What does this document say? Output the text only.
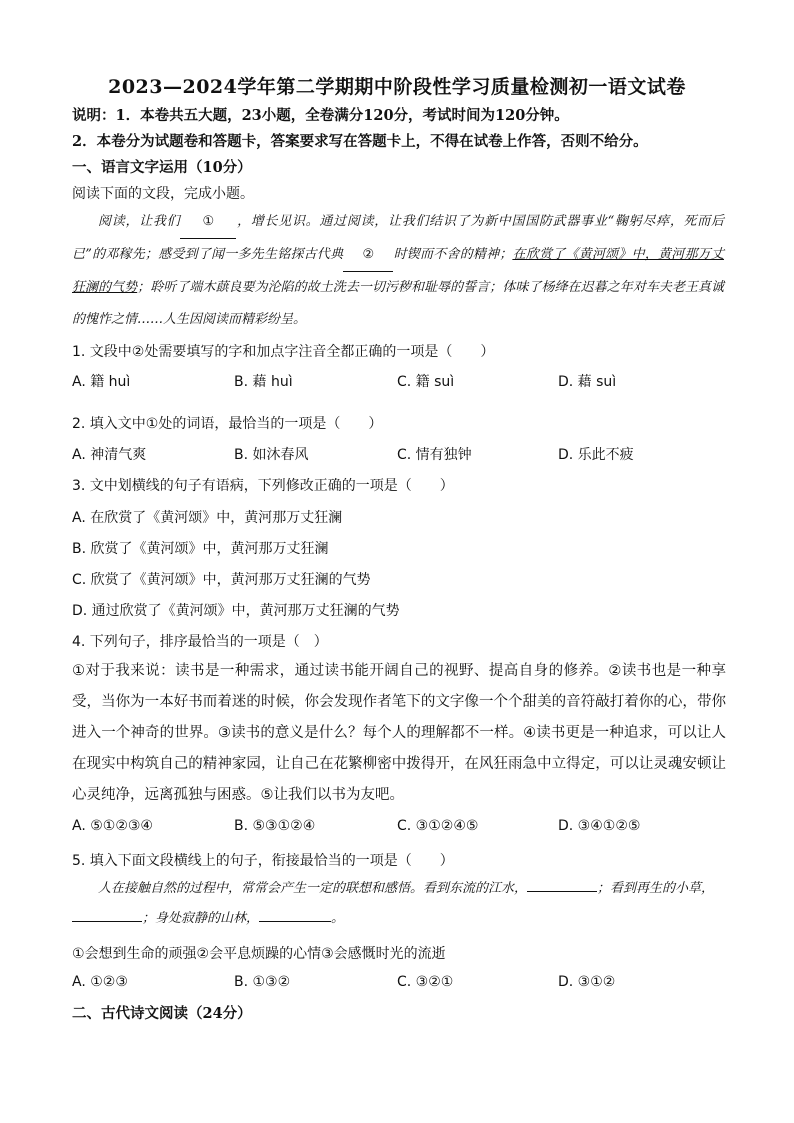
2023—2024学年第二学期期中阶段性学习质量检测初一语文试卷
说明：1．本卷共五大题，23小题，全卷满分120分，考试时间为120分钟。
2．本卷分为试题卷和答题卡，答案要求写在答题卡上，不得在试卷上作答，否则不给分。
一、语言文字运用（10分）
阅读下面的文段，完成小题。
阅读，让我们 ① ，增长见识。通过阅读，让我们结识了为新中国国防武器事业“鞠躬尽瘁，死而后已”的邓稼先；感受到了闻一多先生铭探古代典 ② 时锲而不舍的精神；在欣赏了《黄河颂》中，黄河那万丈狂澜的气势；聆听了端木蕻良要为沦陷的故土洗去一切污秽和耻辱的誓言；体味了杨绛在迟暮之年对车夫老王真诚的愧怍之情……人生因阅读而精彩纷呈。
1. 文段中②处需要填写的字和加点字注音全都正确的一项是（　　）
A. 籍 huì	B. 藉 huì	C. 籍 suì	D. 藉 suì
2. 填入文中①处的词语，最恰当的一项是（　　）
A. 神清气爽	B. 如沐春风	C. 情有独钟	D. 乐此不疲
3. 文中划横线的句子有语病，下列修改正确的一项是（　　）
A. 在欣赏了《黄河颂》中，黄河那万丈狂澜
B. 欣赏了《黄河颂》中，黄河那万丈狂澜
C. 欣赏了《黄河颂》中，黄河那万丈狂澜的气势
D. 通过欣赏了《黄河颂》中，黄河那万丈狂澜的气势
4. 下列句子，排序最恰当的一项是（　）
①对于我来说：读书是一种需求，通过读书能开阔自己的视野、提高自身的修养。②读书也是一种享受，当你为一本好书而着迷的时候，你会发现作者笔下的文字像一个个甜美的音符敲打着你的心，带你进入一个神奇的世界。③读书的意义是什么？每个人的理解都不一样。④读书更是一种追求，可以让人在现实中构筑自己的精神家园，让自己在花繁柳密中拨得开，在风狂雨急中立得定，可以让灵魂安顿让心灵纯净，远离孤独与困惑。⑤让我们以书为友吧。
A. ⑤①②③④	B. ⑤③①②④	C. ③①②④⑤	D. ③④①②⑤
5. 填入下面文段横线上的句子，衔接最恰当的一项是（　　）
人在接触自然的过程中，常常会产生一定的联想和感悟。看到东流的江水，	；看到再生的小草，；身处寂静的山林，	。
①会想到生命的顽强②会平息烦躁的心情③会感慨时光的流逝
A. ①②③	B. ①③②	C. ③②①	D. ③①②
二、古代诗文阅读（24分）
